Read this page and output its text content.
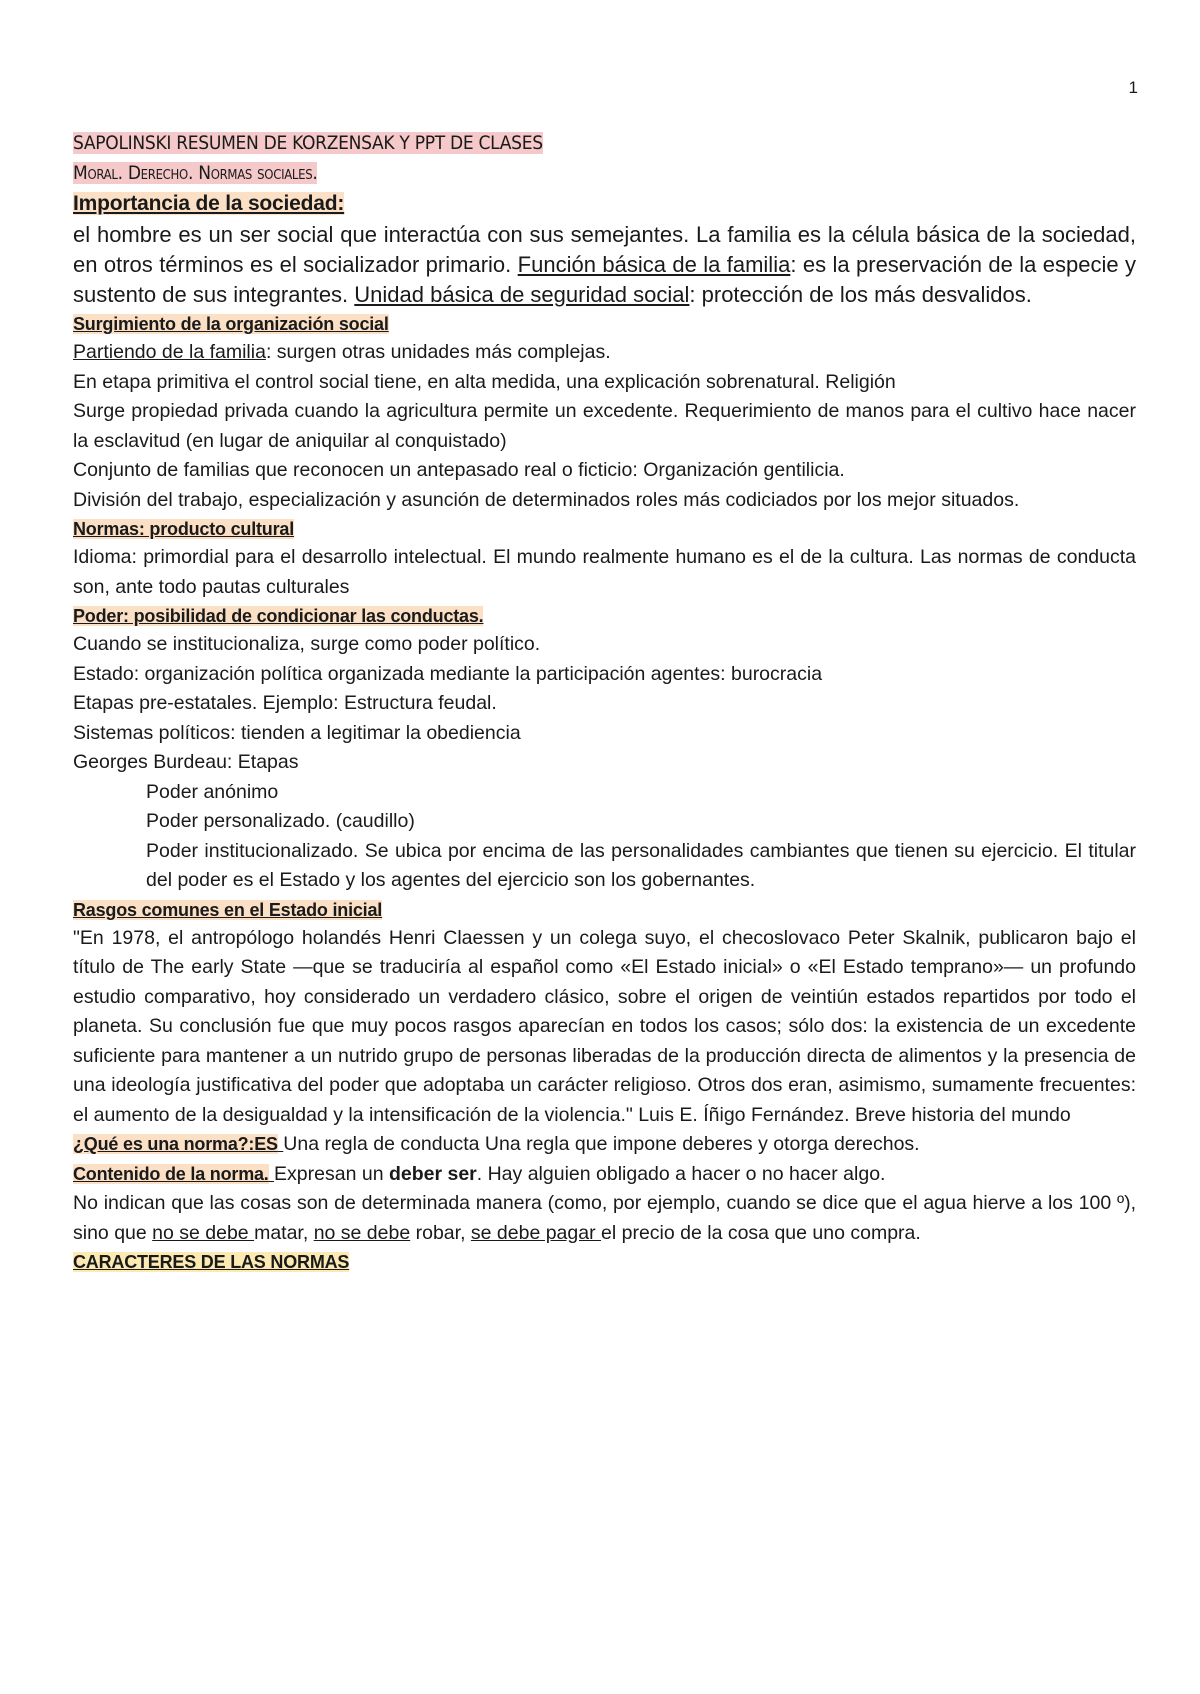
1
SAPOLINSKI RESUMEN DE KORZENSAK Y PPT DE CLASES
Moral. Derecho. Normas sociales.
Importancia de la sociedad:
el hombre es un ser social que interactúa con sus semejantes. La familia es la célula básica de la sociedad, en otros términos es el socializador primario. Función básica de la familia: es la preservación de la especie y sustento de sus integrantes. Unidad básica de seguridad social: protección de los más desvalidos.
Surgimiento de la organización social
Partiendo de la familia: surgen otras unidades más complejas.
En etapa primitiva el control social tiene, en alta medida, una explicación sobrenatural. Religión
Surge propiedad privada cuando la agricultura permite un excedente. Requerimiento de manos para el cultivo hace nacer la esclavitud (en lugar de aniquilar al conquistado)
Conjunto de familias que reconocen un antepasado real o ficticio: Organización gentilicia.
División del trabajo, especialización y asunción de determinados roles más codiciados por los mejor situados.
Normas: producto cultural
Idioma: primordial para el desarrollo intelectual. El mundo realmente humano es el de la cultura. Las normas de conducta son, ante todo pautas culturales
Poder: posibilidad de condicionar las conductas.
Cuando se institucionaliza, surge como poder político.
Estado: organización política organizada mediante la participación agentes: burocracia
Etapas pre-estatales. Ejemplo: Estructura feudal.
Sistemas políticos: tienden a legitimar la obediencia
Georges Burdeau: Etapas
Poder anónimo
Poder personalizado. (caudillo)
Poder institucionalizado. Se ubica por encima de las personalidades cambiantes que tienen su ejercicio. El titular del poder es el Estado y los agentes del ejercicio son los gobernantes.
Rasgos comunes en el Estado inicial
"En 1978, el antropólogo holandés Henri Claessen y un colega suyo, el checoslovaco Peter Skalnik, publicaron bajo el título de The early State —que se traduciría al español como «El Estado inicial» o «El Estado temprano»— un profundo estudio comparativo, hoy considerado un verdadero clásico, sobre el origen de veintiún estados repartidos por todo el planeta. Su conclusión fue que muy pocos rasgos aparecían en todos los casos; sólo dos: la existencia de un excedente suficiente para mantener a un nutrido grupo de personas liberadas de la producción directa de alimentos y la presencia de una ideología justificativa del poder que adoptaba un carácter religioso. Otros dos eran, asimismo, sumamente frecuentes: el aumento de la desigualdad y la intensificación de la violencia." Luis E. Íñigo Fernández. Breve historia del mundo
¿Qué es una norma?:ES Una regla de conducta Una regla que impone deberes y otorga derechos.
Contenido de la norma. Expresan un deber ser. Hay alguien obligado a hacer o no hacer algo.
No indican que las cosas son de determinada manera (como, por ejemplo, cuando se dice que el agua hierve a los 100 º), sino que no se debe matar, no se debe robar, se debe pagar el precio de la cosa que uno compra.
CARACTERES DE LAS NORMAS
